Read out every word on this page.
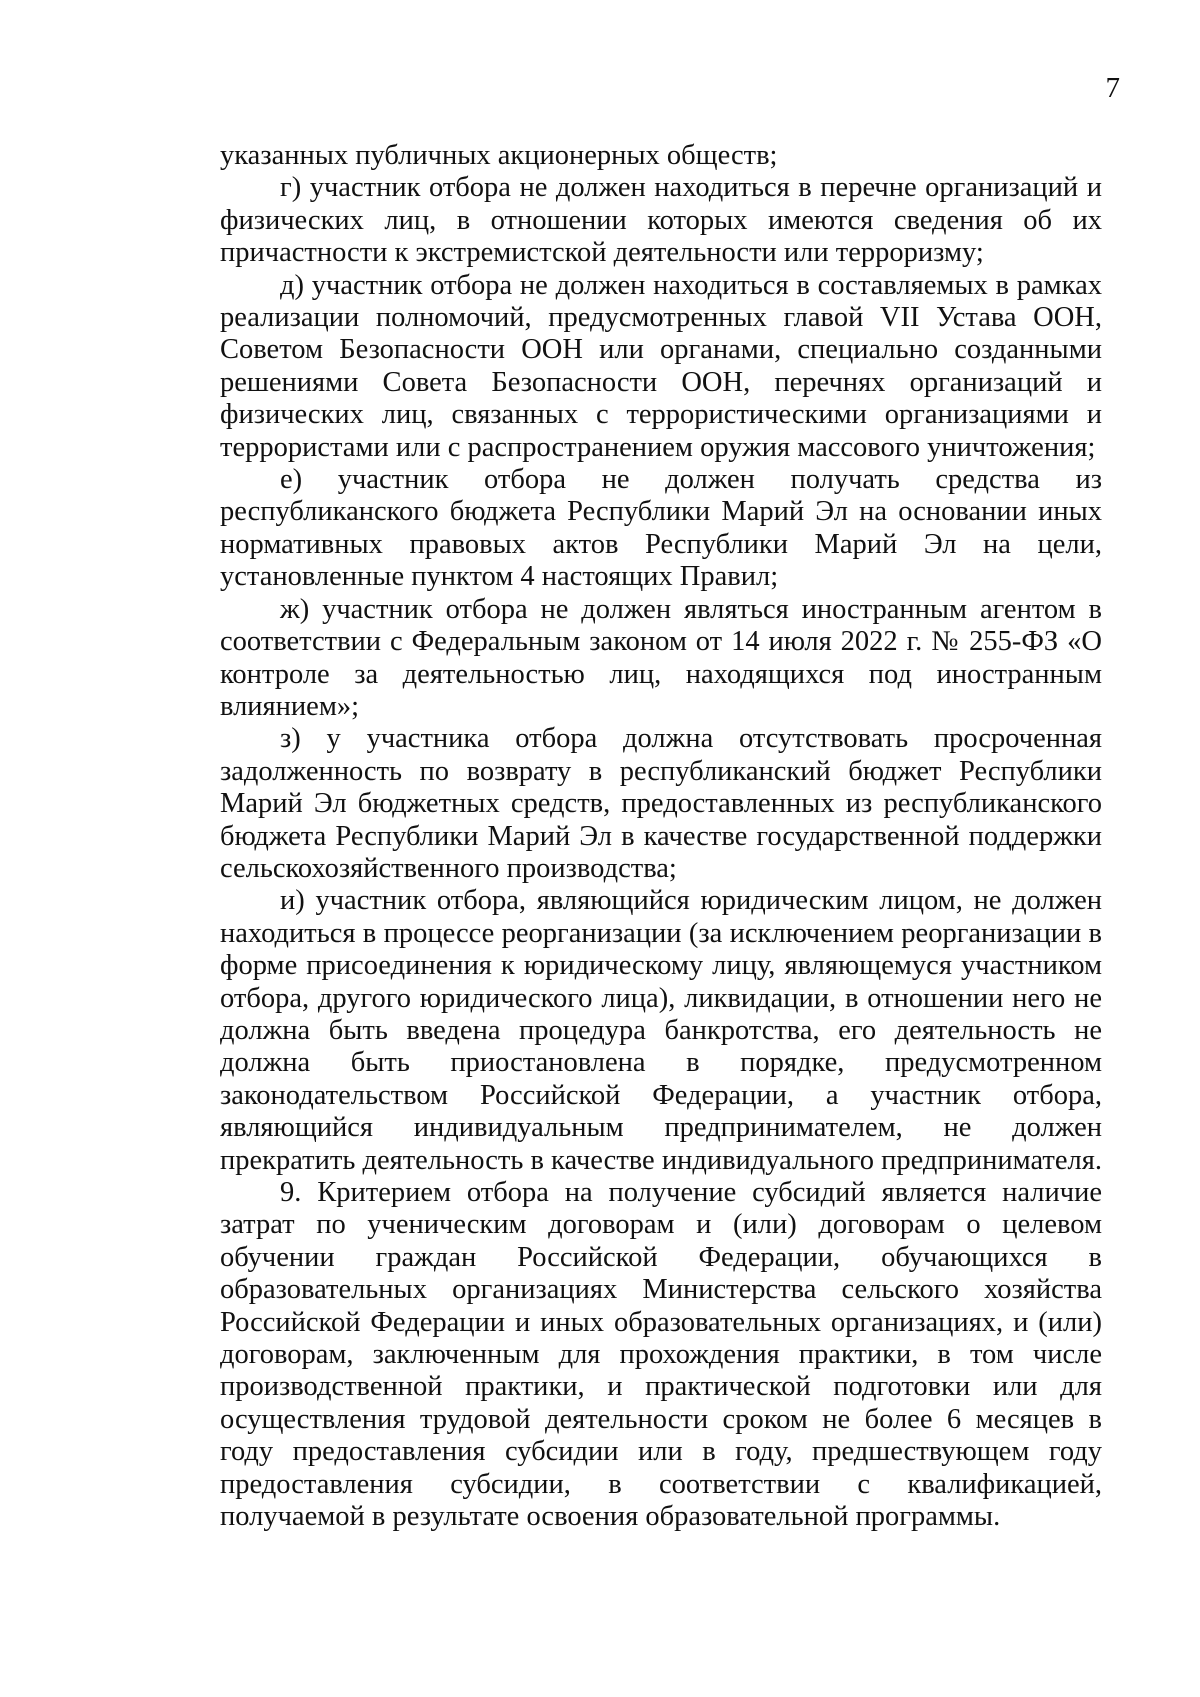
7

указанных публичных акционерных обществ;

г) участник отбора не должен находиться в перечне организаций и физических лиц, в отношении которых имеются сведения об их причастности к экстремистской деятельности или терроризму;

д) участник отбора не должен находиться в составляемых в рамках реализации полномочий, предусмотренных главой VII Устава ООН, Советом Безопасности ООН или органами, специально созданными решениями Совета Безопасности ООН, перечнях организаций и физических лиц, связанных с террористическими организациями и террористами или с распространением оружия массового уничтожения;

е) участник отбора не должен получать средства из республиканского бюджета Республики Марий Эл на основании иных нормативных правовых актов Республики Марий Эл на цели, установленные пунктом 4 настоящих Правил;

ж) участник отбора не должен являться иностранным агентом в соответствии с Федеральным законом от 14 июля 2022 г. № 255-ФЗ «О контроле за деятельностью лиц, находящихся под иностранным влиянием»;

з) у участника отбора должна отсутствовать просроченная задолженность по возврату в республиканский бюджет Республики Марий Эл бюджетных средств, предоставленных из республиканского бюджета Республики Марий Эл в качестве государственной поддержки сельскохозяйственного производства;

и) участник отбора, являющийся юридическим лицом, не должен находиться в процессе реорганизации (за исключением реорганизации в форме присоединения к юридическому лицу, являющемуся участником отбора, другого юридического лица), ликвидации, в отношении него не должна быть введена процедура банкротства, его деятельность не должна быть приостановлена в порядке, предусмотренном законодательством Российской Федерации, а участник отбора, являющийся индивидуальным предпринимателем, не должен прекратить деятельность в качестве индивидуального предпринимателя.

9. Критерием отбора на получение субсидий является наличие затрат по ученическим договорам и (или) договорам о целевом обучении граждан Российской Федерации, обучающихся в образовательных организациях Министерства сельского хозяйства Российской Федерации и иных образовательных организациях, и (или) договорам, заключенным для прохождения практики, в том числе производственной практики, и практической подготовки или для осуществления трудовой деятельности сроком не более 6 месяцев в году предоставления субсидии или в году, предшествующем году предоставления субсидии, в соответствии с квалификацией, получаемой в результате освоения образовательной программы.
